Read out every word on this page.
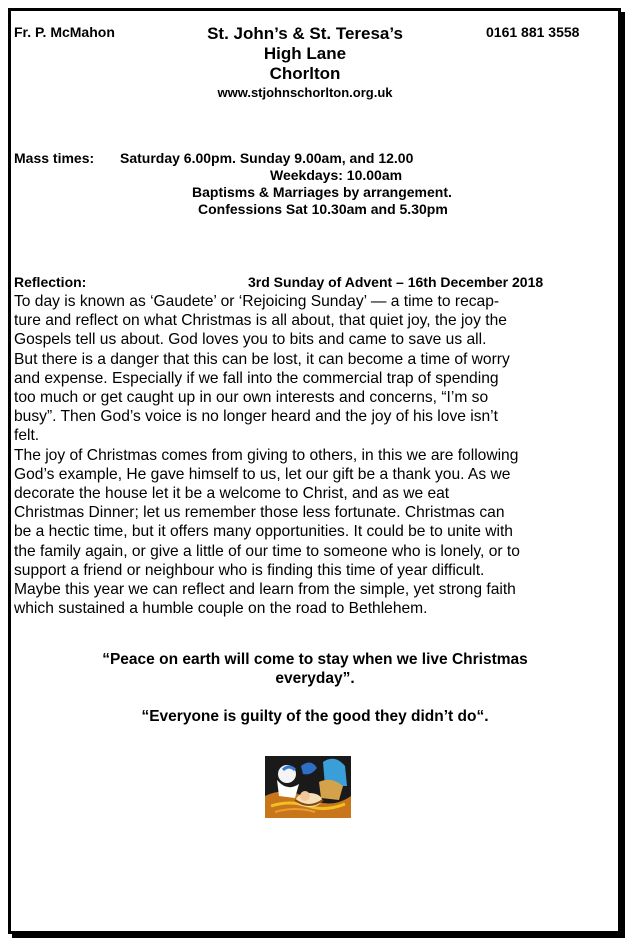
Fr. P. McMahon	0161 881 3558
St. John’s & St. Teresa’s
High Lane
Chorlton
www.stjohnschorlton.org.uk
Mass times: Saturday 6.00pm. Sunday 9.00am, and 12.00
Weekdays: 10.00am
Baptisms & Marriages by arrangement.
Confessions Sat 10.30am and 5.30pm
Reflection:	3rd Sunday of Advent – 16th December 2018
To day is known as ‘Gaudete’ or ‘Rejoicing Sunday’ — a time to recap-
ture and reflect on what Christmas is all about, that quiet joy, the joy the
Gospels tell us about. God loves you to bits and came to save us all.
But there is a danger that this can be lost, it can become a time of worry
and expense. Especially if we fall into the commercial trap of spending
too much or get caught up in our own interests and concerns, “I’m so
busy”. Then God’s voice is no longer heard and the joy of his love isn’t
felt.
The joy of Christmas comes from giving to others, in this we are following
God’s example, He gave himself to us, let our gift be a thank you. As we
decorate the house let it be a welcome to Christ, and as we eat
Christmas Dinner; let us remember those less fortunate. Christmas can
be a hectic time, but it offers many opportunities. It could be to unite with
the family again, or give a little of our time to someone who is lonely, or to
support a friend or neighbour who is finding this time of year difficult.
Maybe this year we can reflect and learn from the simple, yet strong faith
which sustained a humble couple on the road to Bethlehem.
“Peace on earth will come to stay when we live Christmas
everyday”.
“Everyone is guilty of the good they didn’t do“.
